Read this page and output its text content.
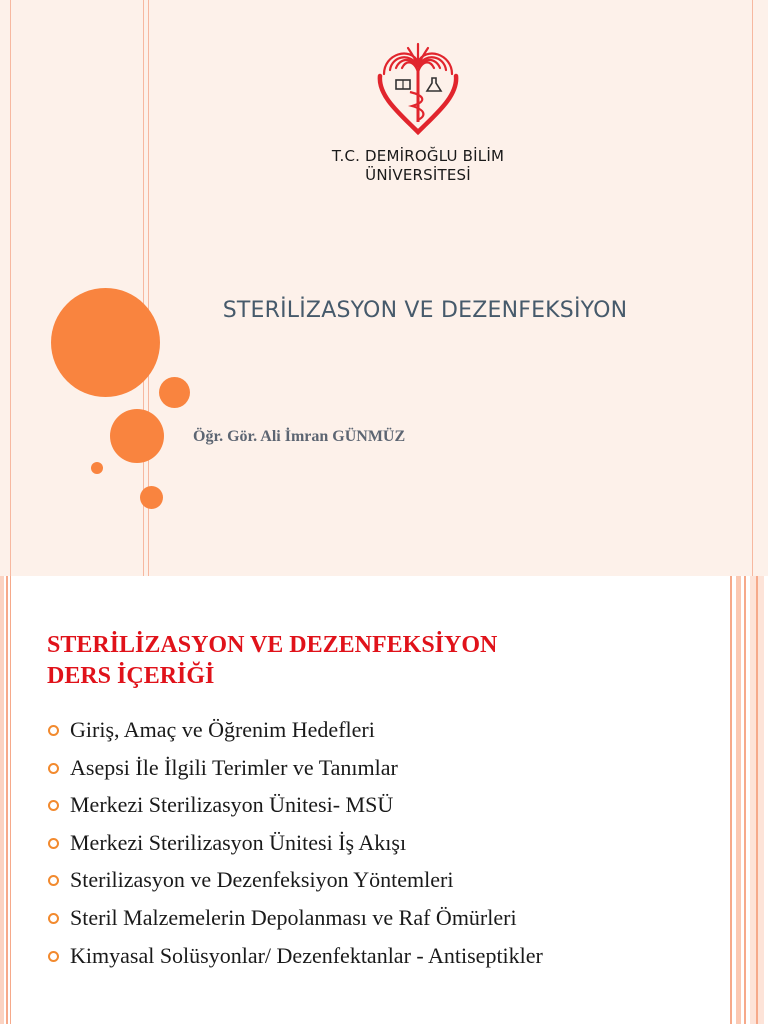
T.C. DEMİROĞLU BİLİM
ÜNİVERSİTESİ
STERİLİZASYON VE DEZENFEKSİYON
Öğr. Gör. Ali İmran GÜNMÜZ
STERİLİZASYON VE DEZENFEKSİYON
DERS İÇERİĞİ
Giriş, Amaç ve Öğrenim Hedefleri
Asepsi İle İlgili Terimler ve Tanımlar
Merkezi Sterilizasyon Ünitesi- MSÜ
Merkezi Sterilizasyon Ünitesi İş Akışı
Sterilizasyon ve Dezenfeksiyon Yöntemleri
Steril Malzemelerin Depolanması ve Raf Ömürleri
Kimyasal Solüsyonlar/ Dezenfektanlar - Antiseptikler
